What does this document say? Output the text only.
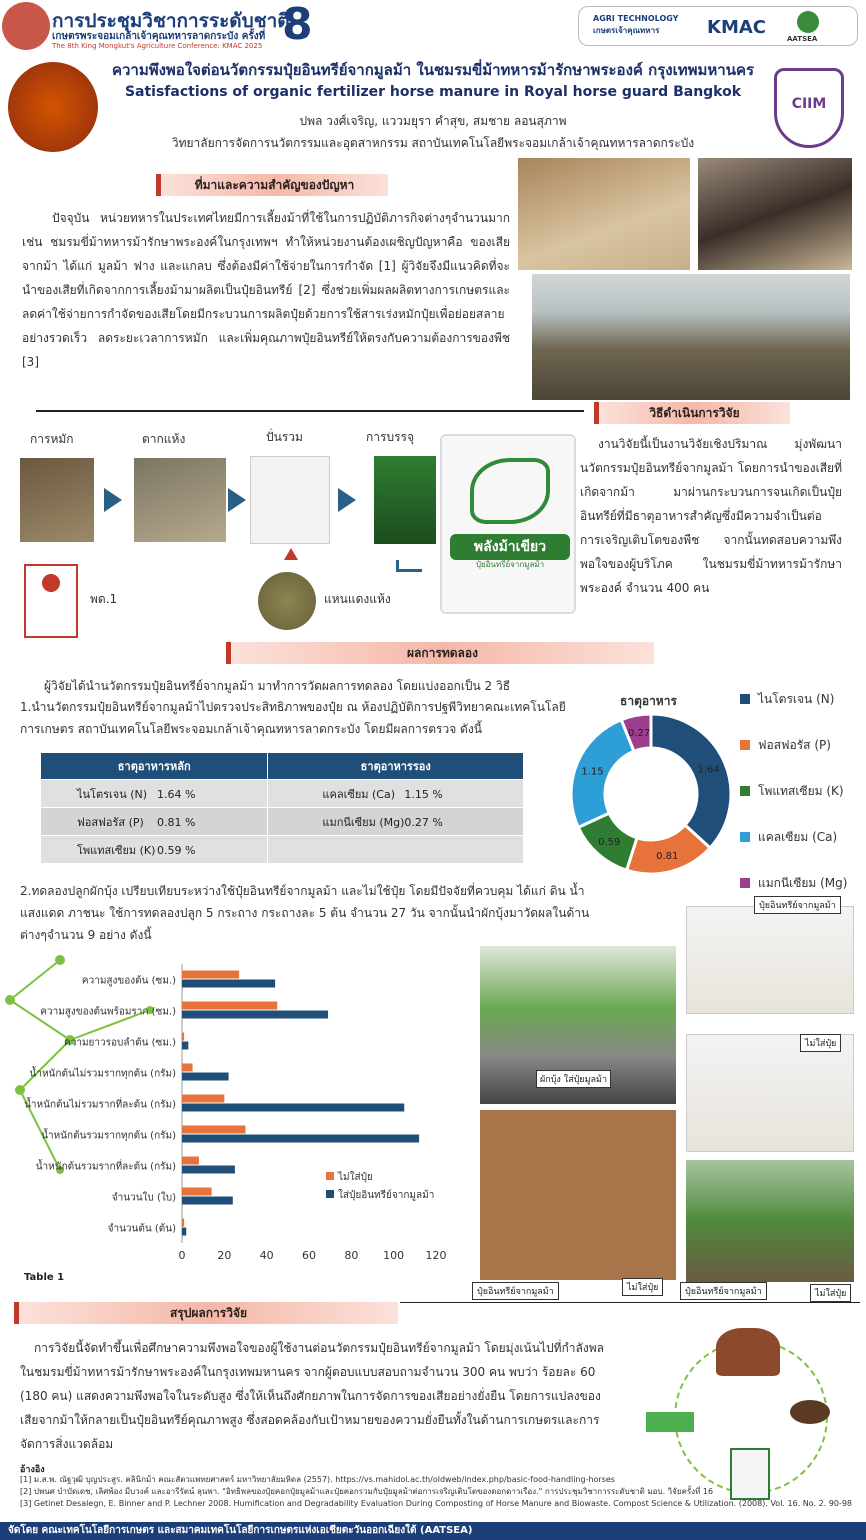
การประชุมวิชาการระดับชาติ
เกษตรพระจอมเกล้าเจ้าคุณทหารลาดกระบัง ครั้งที่
The 8th King Mongkut's Agriculture Conference: KMAC 2025 8	AGRI TECHNOLOGY เกษตรเจ้าคุณทหาร	KMAC
AATSEA
CIIM
ความพึงพอใจต่อนวัตกรรมปุ๋ยอินทรีย์จากมูลม้า ในชมรมขี่ม้าทหารม้ารักษาพระองค์ กรุงเทพมหานคร
Satisfactions of organic fertilizer horse manure in Royal horse guard Bangkok
ปพล วงศ์เจริญ, แววมยุรา คำสุข, สมชาย ลอนสุภาพ
วิทยาลัยการจัดการนวัตกรรมและอุตสาหกรรม สถาบันเทคโนโลยีพระจอมเกล้าเจ้าคุณทหารลาดกระบัง
ที่มาและความสำคัญของปัญหา
ปัจจุบัน หน่วยทหารในประเทศไทยมีการเลี้ยงม้าที่ใช้ในการปฏิบัติภารกิจต่างๆจำนวนมากเช่น ชมรมขี่ม้าทหารม้ารักษาพระองค์ในกรุงเทพฯ ทำให้หน่วยงานต้องเผชิญปัญหาคือ ของเสียจากม้า ได้แก่ มูลม้า ฟาง และแกลบ ซึ่งต้องมีค่าใช้จ่ายในการกำจัด [1] ผู้วิจัยจึงมีแนวคิดที่จะนำของเสียที่เกิดจากการเลี้ยงม้ามาผลิตเป็นปุ๋ยอินทรีย์ [2] ซึ่งช่วยเพิ่มผลผลิตทางการเกษตรและลดค่าใช้จ่ายการกำจัดของเสียโดยมีกระบวนการผลิตปุ๋ยด้วยการใช้สารเร่งหมักปุ๋ยเพื่อย่อยสลายอย่างรวดเร็ว ลดระยะเวลาการหมัก และเพิ่มคุณภาพปุ๋ยอินทรีย์ให้ตรงกับความต้องการของพืช [3]
การหมัก	ตากแห้ง	ปั่นรวม	การบรรจุ
พลังม้าเขียว
ปุ๋ยอินทรีย์จากมูลม้า
พด.1	แหนแดงแห้ง
วิธีดำเนินการวิจัย
งานวิจัยนี้เป็นงานวิจัยเชิงปริมาณ มุ่งพัฒนานวัตกรรมปุ๋ยอินทรีย์จากมูลม้า โดยการนำของเสียที่เกิดจากม้า มาผ่านกระบวนการจนเกิดเป็นปุ๋ยอินทรีย์ที่มีธาตุอาหารสำคัญซึ่งมีความจำเป็นต่อการเจริญเติบโตของพืช จากนั้นทดสอบความพึงพอใจของผู้บริโภค ในชมรมขี่ม้าทหารม้ารักษาพระองค์ จำนวน 400 คน
ผลการทดลอง
ผู้วิจัยได้นำนวัตกรรมปุ๋ยอินทรีย์จากมูลม้า มาทำการวัดผลการทดลอง โดยแบ่งออกเป็น 2 วิธี
1.นำนวัตกรรมปุ๋ยอินทรีย์จากมูลม้าไปตรวจประสิทธิภาพของปุ๋ย ณ ห้องปฏิบัติการปฐพีวิทยาคณะเทคโนโลยีการเกษตร สถาบันเทคโนโลยีพระจอมเกล้าเจ้าคุณทหารลาดกระบัง โดยมีผลการตรวจ ดังนี้
ธาตุอาหารหลัก	ธาตุอาหารรอง
ไนโตรเจน (N) 1.64 %	แคลเซียม (Ca) 1.15 %
ฟอสฟอรัส (P) 0.81 %	แมกนีเซียม (Mg)0.27 %
โพแทสเซียม (K) 0.59 %	
ธาตุอาหาร
1.64
0.81
0.59
1.15
0.27
ไนโตรเจน (N)
ฟอสฟอรัส (P)
โพแทสเซียม (K)
แคลเซียม (Ca)
แมกนีเซียม (Mg)
2.ทดลองปลูกผักบุ้ง เปรียบเทียบระหว่างใช้ปุ๋ยอินทรีย์จากมูลม้า และไม่ใช้ปุ๋ย โดยมีปัจจัยที่ควบคุม ได้แก่ ดิน น้ำ แสงแดด ภาชนะ ใช้การทดลองปลูก 5 กระถาง กระถางละ 5 ต้น จำนวน 27 วัน จากนั้นนำผักบุ้งมาวัดผลในด้านต่างๆจำนวน 9 อย่าง ดังนี้
0	20	40	60	80 100 120
ความสูงของต้น (ซม.)
ความสูงของต้นพร้อมราก (ซม.)
ความยาวรอบลำต้น (ซม.)
น้ำหนักต้นไม่รวมรากทุกต้น (กรัม)
น้ำหนักต้นไม่รวมรากที่ละต้น (กรัม)
น้ำหนักต้นรวมรากทุกต้น (กรัม)
น้ำหนักต้นรวมรากที่ละต้น (กรัม)
จำนวนใบ (ใบ)
จำนวนต้น (ต้น)
ไม่ใส่ปุ๋ย
ใส่ปุ๋ยอินทรีย์จากมูลม้า
Table 1
ผักบุ้ง ใส่ปุ๋ยมูลม้า
ปุ๋ยอินทรีย์จากมูลม้า	ไม่ใส่ปุ๋ย
ปุ๋ยอินทรีย์จากมูลม้า
ไม่ใส่ปุ๋ย
ปุ๋ยอินทรีย์จากมูลม้า	ไม่ใส่ปุ๋ย
สรุปผลการวิจัย
การวิจัยนี้จัดทำขึ้นเพื่อศึกษาความพึงพอใจของผู้ใช้งานต่อนวัตกรรมปุ๋ยอินทรีย์จากมูลม้า โดยมุ่งเน้นไปที่กำลังพลในชมรมขี่ม้าทหารม้ารักษาพระองค์ในกรุงเทพมหานคร จากผู้ตอบแบบสอบถามจำนวน 300 คน พบว่า ร้อยละ 60 (180 คน) แสดงความพึงพอใจในระดับสูง ซึ่งให้เห็นถึงศักยภาพในการจัดการของเสียอย่างยั่งยืน โดยการแปลงของเสียจากม้าให้กลายเป็นปุ๋ยอินทรีย์คุณภาพสูง ซึ่งสอดคล้องกับเป้าหมายของความยั่งยืนทั้งในด้านการเกษตรและการจัดการสิ่งแวดล้อม
อ้างอิง
[1] ม.ส.พ. ณัฐวุฒิ บุญประสูร. คลินิกม้า คณะสัตวแพทยศาสตร์ มหาวิทยาลัยมหิดล (2557). https://vs.mahidol.ac.th/oldweb/index.php/basic-food-handling-horses
[2] ปพนศ บำบัดเดช, เลิศพ้อง มีบวงค์ และอารีรัตน์ ลุนพา. "อิทธิพลของปุ๋ยคอกปุ๋ยมูลม้าและปุ๋ยคอกรวมกับปุ๋ยมูลม้าต่อการเจริญเติบโตของดอกดาวเรือง." การประชุมวิชาการระดับชาติ มอบ. วิจัยครั้งที่ 16
[3] Getinet Desalegn, E. Binner and P. Lechner 2008. Humification and Degradability Evaluation During Composting of Horse Manure and Biowaste. Compost Science & Utilization. (2008). Vol. 16. No. 2. 90-98
จัดโดย คณะเทคโนโลยีการเกษตร และสมาคมเทคโนโลยีการเกษตรแห่งเอเชียตะวันออกเฉียงใต้ (AATSEA)
